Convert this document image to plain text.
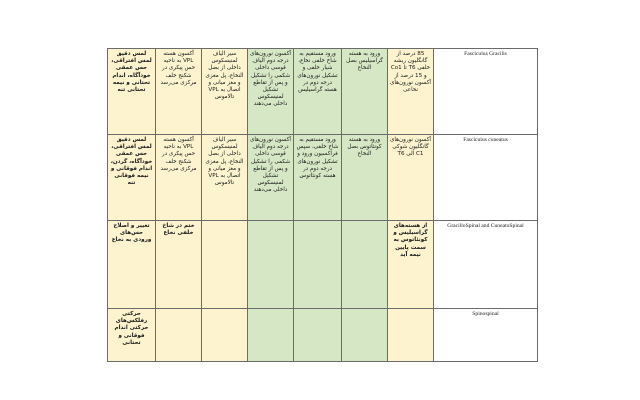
لمس دقیق لمس افتراقی، حس عمقی خودآگاه، اندام تحتانی و نیمه تحتانی تنه	آکسون هسته VPL به ناحیه حس پیکری در شکنج خلف مرکزی می‌رسد	سیر الیاف لمنیسکوس داخلی از بصل النخاع، پل مغزی و مغز میانی و اتصال به VPL تالاموس	آکسون نورون‌های درجه دوم الیاف قوسی داخلی شکمی را تشکیل و پس از تقاطع تشکیل لمنیسکوس داخلی می‌دهند	ورود مستقیم به شاخ خلفی نخاع، شیار خلفی و تشکیل نورون‌های درجه دوم در هسته گراسیلیس	ورود به هسته گراسیلیس بصل النخاع	85 درصد از گانگلیون ریشه خلفی T6 تا Co1 و 15 درصد از آکسون نورون‌های نخاعی	Fasciculus Gracilis
لمس دقیق لمس افتراقی، حس عمقی خودآگاه، گردن، اندام فوقانی و نیمه فوقانی تنه	آکسون هسته VPL به ناحیه حس پیکری در شکنج خلف مرکزی می‌رسد	سیر الیاف لمنیسکوس داخلی از بصل النخاع، پل مغزی و مغز میانی و اتصال به VPL تالاموس	آکسون نورون‌های درجه دوم الیاف قوسی داخلی شکمی را تشکیل و پس از تقاطع تشکیل لمنیسکوس داخلی می‌دهند	ورود مستقیم به شاخ خلفی، سپس فراکسیون ورود و تشکیل نورون‌های درجه دوم در هسته کونئاتوس	ورود به هسته کونئاتوس بصل النخاع	آکسون نورون‌های گانگلیون شوکی C1 الی T6	Fasciculus cuneatus
تغییر و اصلاح حس‌های ورودی به نخاع	ختم در شاخ خلفی نخاع					از هسته‌های گراسیلیس و کونئاتوس به سمت پایین نیمه آید	GracilloSpinal and CuneatoSpinal
حرکتی رفلکس‌های حرکتی اندام فوقانی و تحتانی							Spinospinal
